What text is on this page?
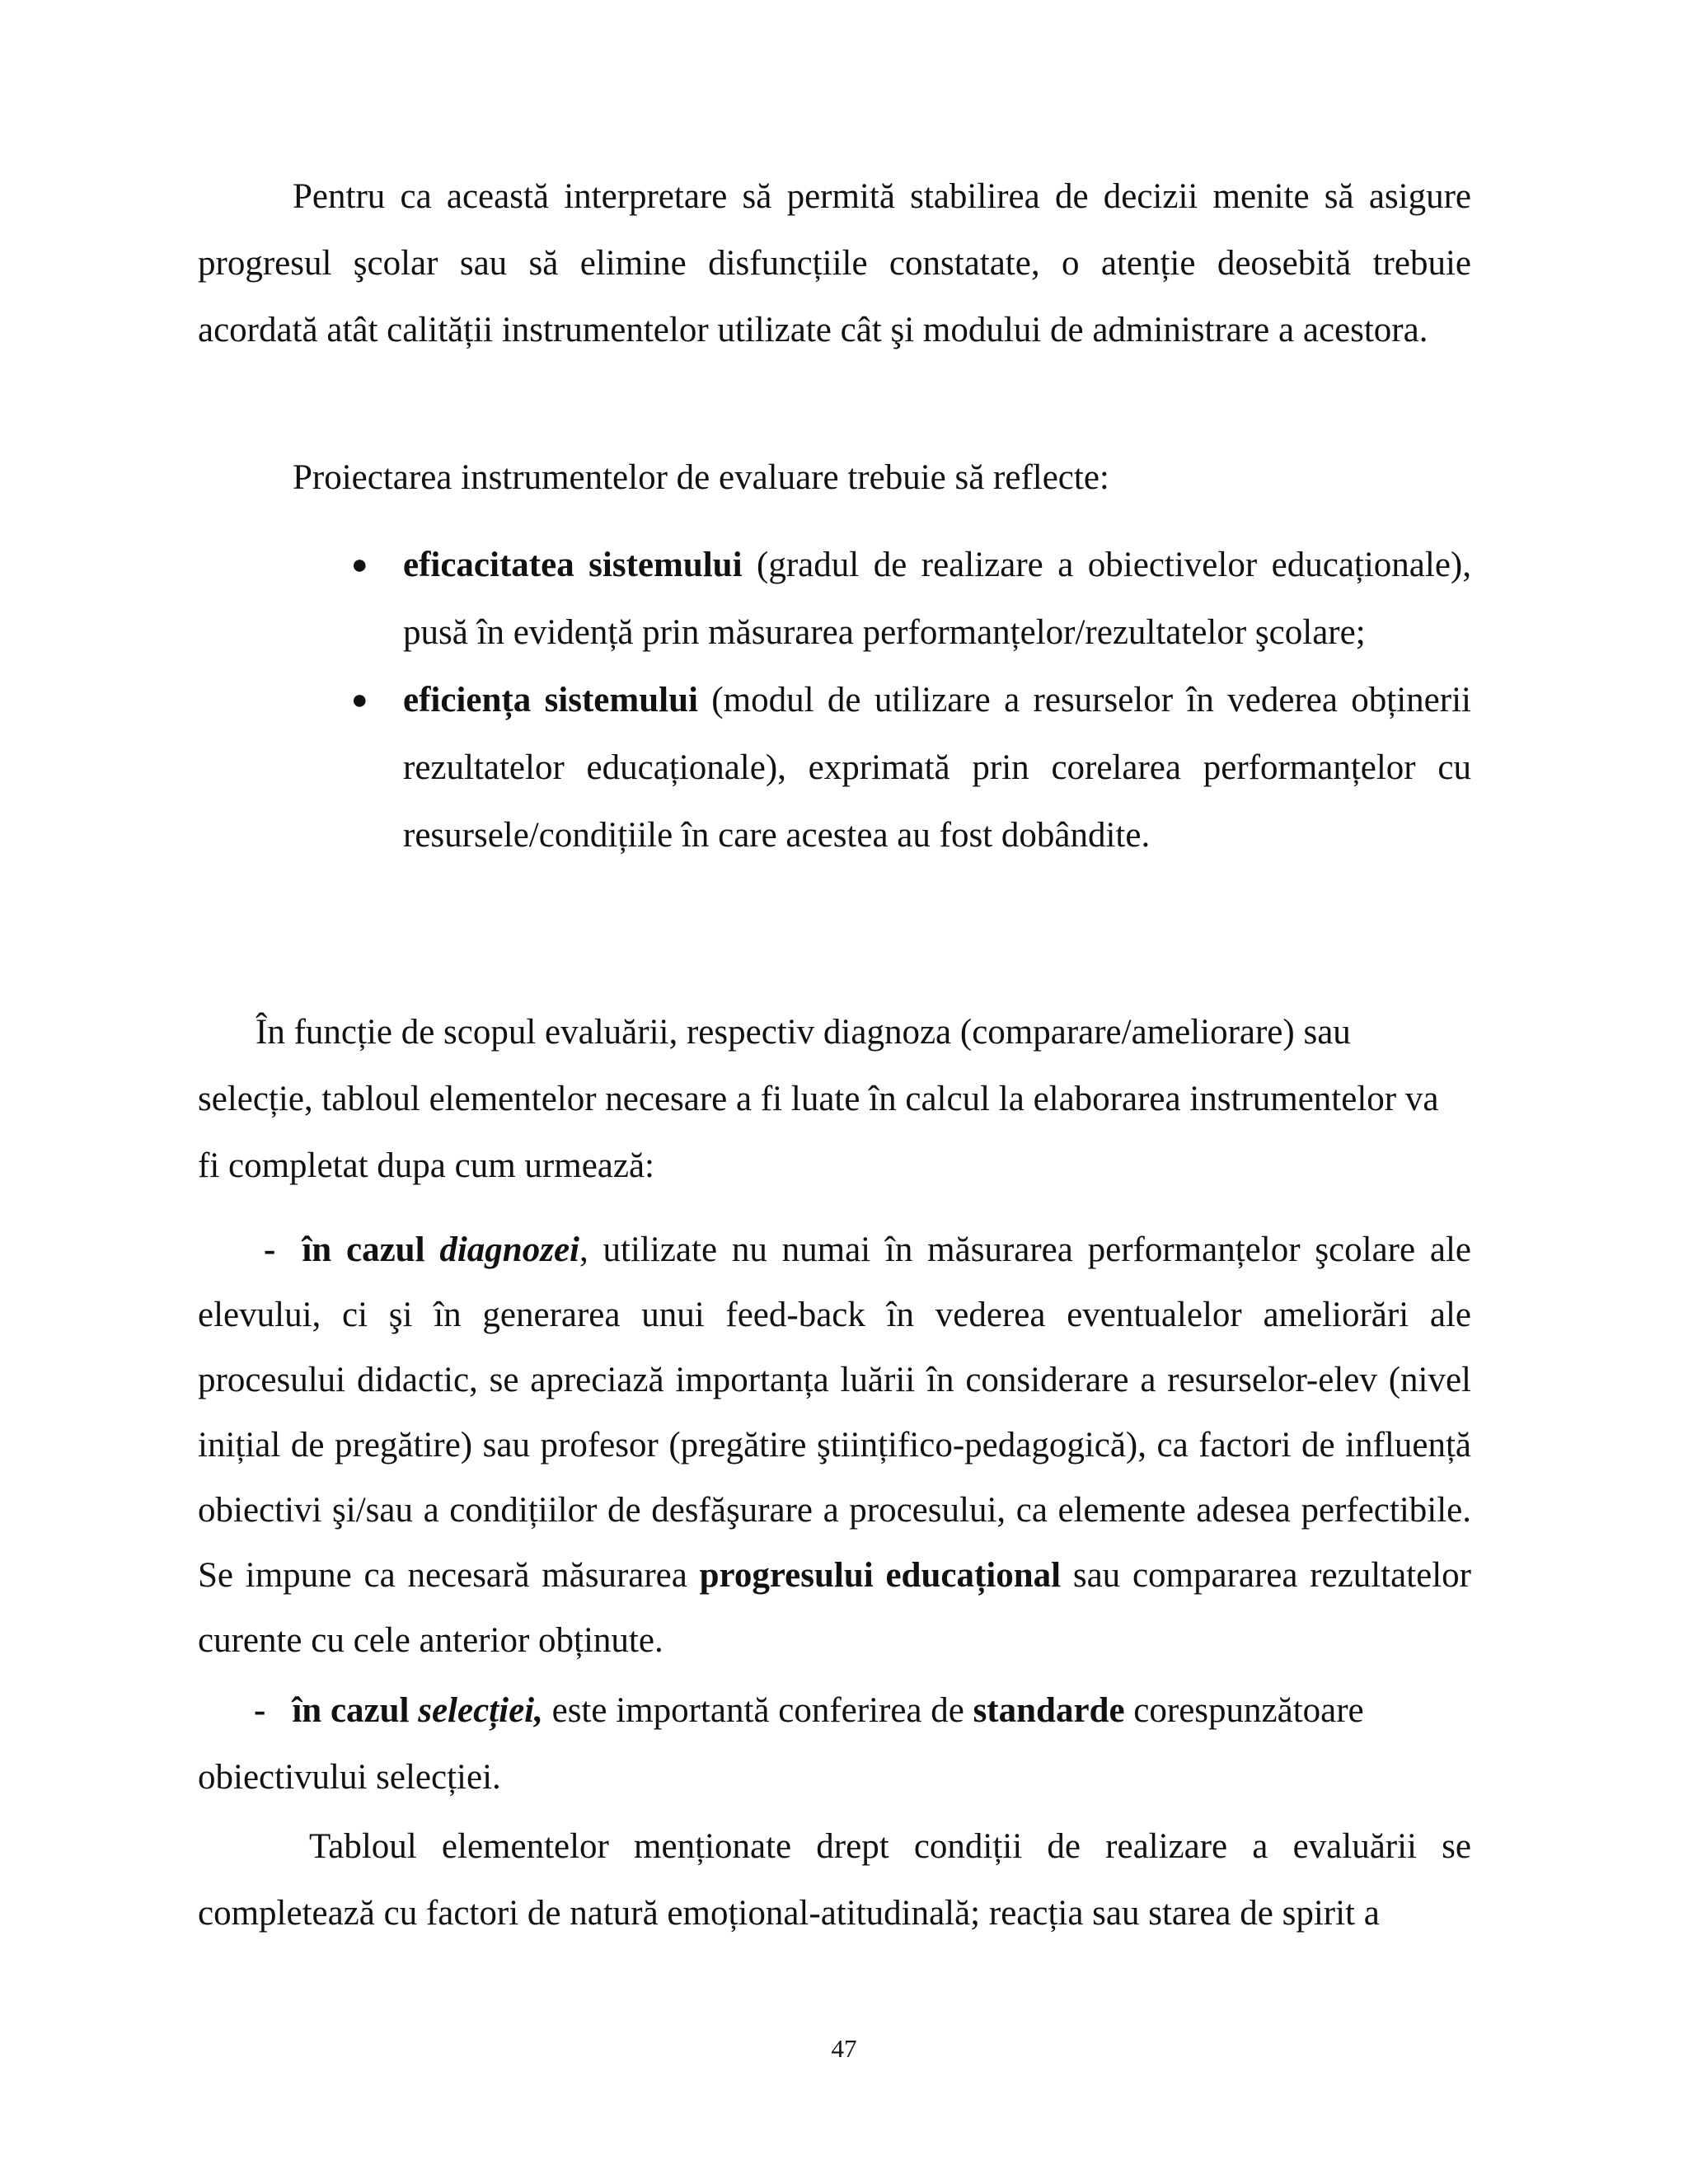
Pentru ca această interpretare să permită stabilirea de decizii menite să asigure progresul şcolar sau să elimine disfuncțiile constatate, o atenție deosebită trebuie acordată atât calității instrumentelor utilizate cât şi modului de administrare a acestora.

Proiectarea instrumentelor de evaluare trebuie să reflecte:

● eficacitatea sistemului (gradul de realizare a obiectivelor educaționale), pusă în evidență prin măsurarea performanțelor/rezultatelor şcolare;
● eficiența sistemului (modul de utilizare a resurselor în vederea obținerii rezultatelor educaționale), exprimată prin corelarea performanțelor cu resursele/condițiile în care acestea au fost dobândite.

În funcție de scopul evaluării, respectiv diagnoza (comparare/ameliorare) sau selecție, tabloul elementelor necesare a fi luate în calcul la elaborarea instrumentelor va fi completat dupa cum urmează:

- în cazul diagnozei, utilizate nu numai în măsurarea performanțelor şcolare ale elevului, ci şi în generarea unui feed-back în vederea eventualelor ameliorări ale procesului didactic, se apreciază importanța luării în considerare a resurselor-elev (nivel inițial de pregătire) sau profesor (pregătire ştiințifico-pedagogică), ca factori de influență obiectivi şi/sau a condițiilor de desfăşurare a procesului, ca elemente adesea perfectibile. Se impune ca necesară măsurarea progresului educațional sau compararea rezultatelor curente cu cele anterior obținute.

- în cazul selecției, este importantă conferirea de standarde corespunzătoare obiectivului selecției.

Tabloul elementelor menționate drept condiții de realizare a evaluării se completează cu factori de natură emoțional-atitudinală; reacția sau starea de spirit a

47
